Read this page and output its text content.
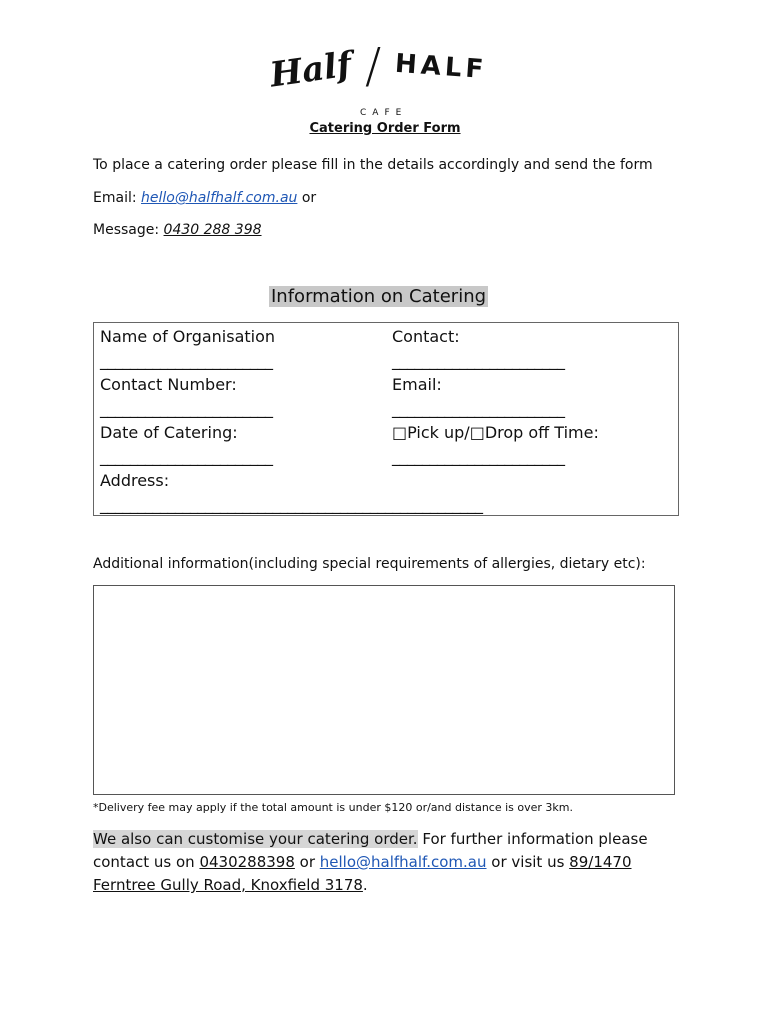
Half / HALF
CAFE
Catering Order Form
To place a catering order please fill in the details accordingly and send the form
Email: hello@halfhalf.com.au or
Message: 0430 288 398
Information on Catering
Name of Organisation	Contact:
_______________________	_______________________
Contact Number:	Email:
_______________________	_______________________
Date of Catering:	□Pick up/□Drop off Time:
_______________________	_______________________
Address:
___________________________________________________
Additional information(including special requirements of allergies, dietary etc):
*Delivery fee may apply if the total amount is under $120 or/and distance is over 3km.
We also can customise your catering order. For further information please contact us on 0430288398 or hello@halfhalf.com.au or visit us 89/1470 Ferntree Gully Road, Knoxfield 3178.
